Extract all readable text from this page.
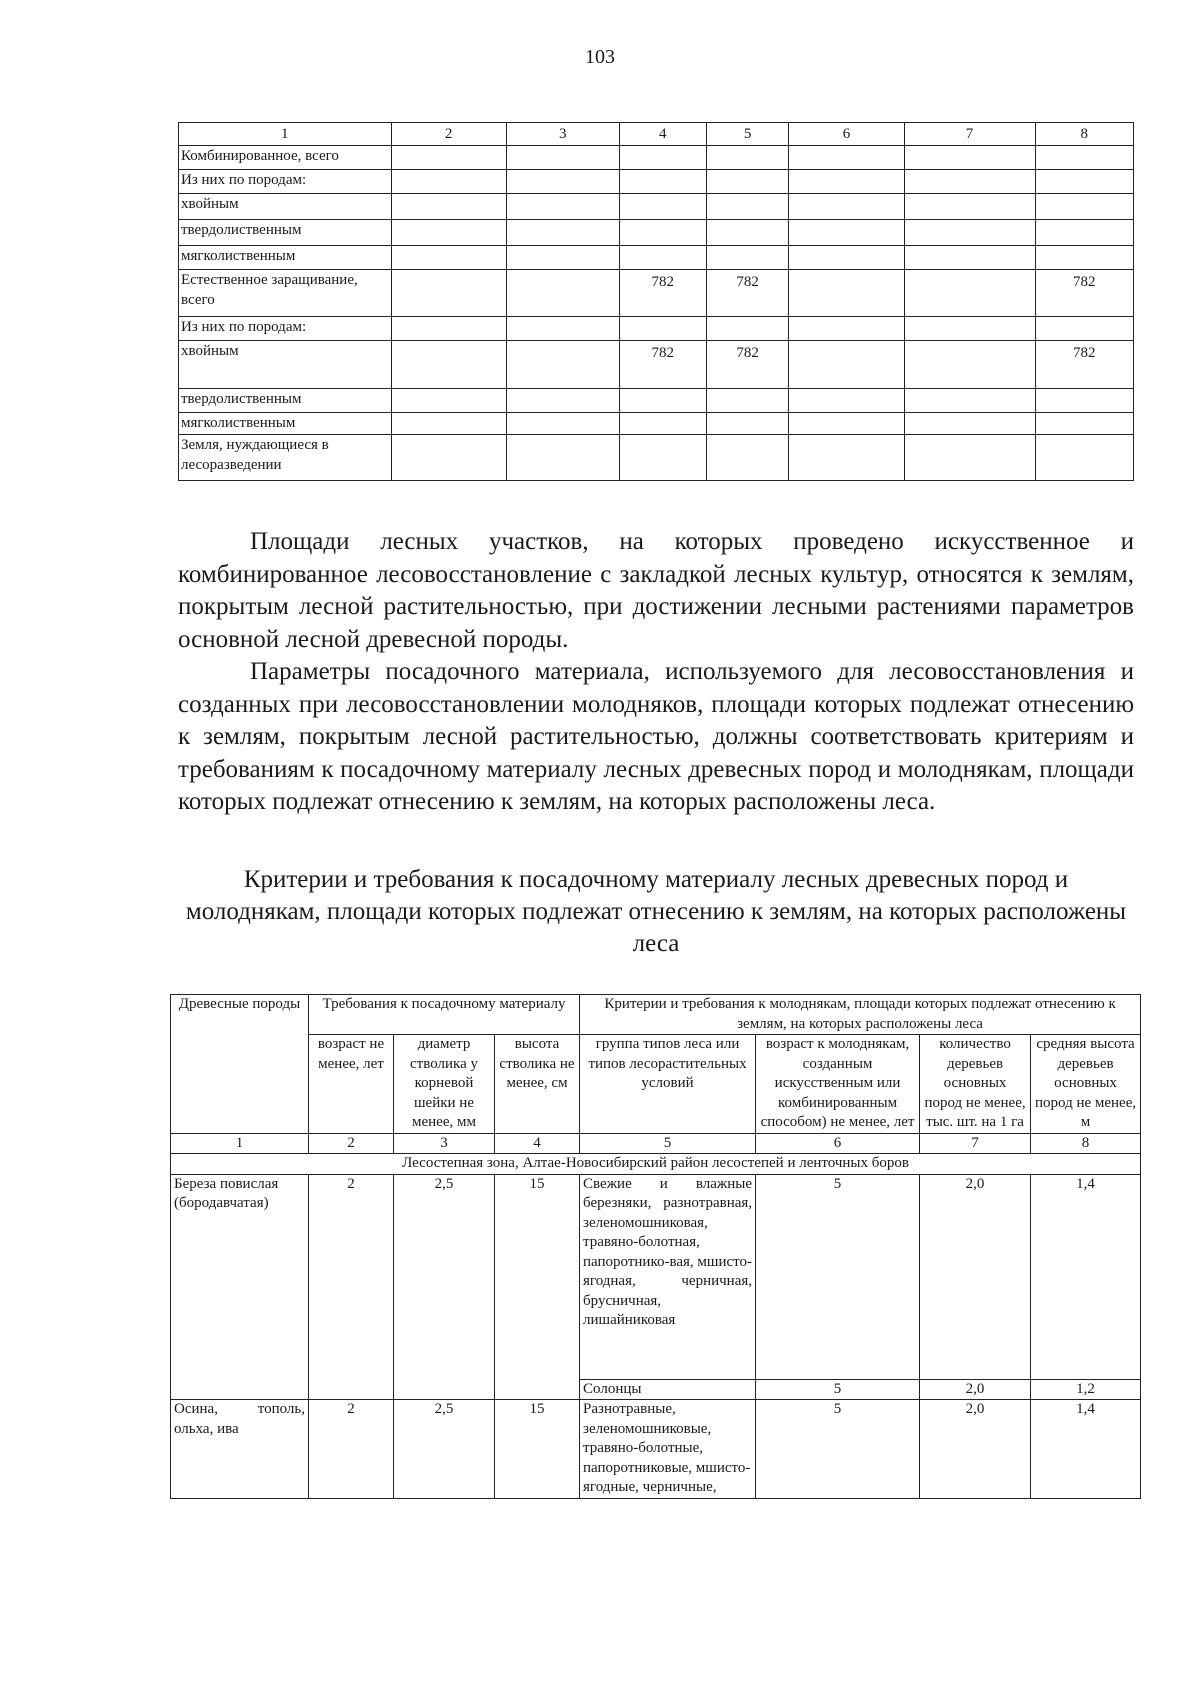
103
1	2	3	4	5	6	7	8
Комбинированное, всего							
Из них по породам:							
хвойным							
твердолиственным							
мягколиственным							
Естественное заращивание, всего			782	782			782
Из них по породам:							
хвойным			782	782			782
твердолиственным							
мягколиственным							
Земля, нуждающиеся в лесоразведении							

Площади лесных участков, на которых проведено искусственное и комбинированное лесовосстановление с закладкой лесных культур, относятся к землям, покрытым лесной растительностью, при достижении лесными растениями параметров основной лесной древесной породы.

Параметры посадочного материала, используемого для лесовосстановления и созданных при лесовосстановлении молодняков, площади которых подлежат отнесению к землям, покрытым лесной растительностью, должны соответствовать критериям и требованиям к посадочному материалу лесных древесных пород и молоднякам, площади которых подлежат отнесению к землям, на которых расположены леса.

Критерии и требования к посадочному материалу лесных древесных пород и молоднякам, площади которых подлежат отнесению к землям, на которых расположены леса
Древесные породы	Требования к посадочному материалу			Критерии и требования к молоднякам, площади которых подлежат отнесению к землям, на которых расположены леса			
	возраст не менее, лет	диаметр стволика у корневой шейки не менее, мм	высота стволика не менее, см	группа типов леса или типов лесорастительных условий	возраст к молоднякам, созданным искусственным или комбинированным способом) не менее, лет	количество деревьев основных пород не менее, тыс. шт. на 1 га	средняя высота деревьев основных пород не менее, м
1	2	3	4	5	6	7	8
Лесостепная зона, Алтае-Новосибирский район лесостепей и ленточных боров							
Береза повислая (бородавчатая)	2	2,5	15	Свежие и влажные березняки, разнотравная, зеленомошниковая, травяно-болотная, папоротнико-вая, мшисто-ягодная, черничная, брусничная, лишайниковая	5	2,0	1,4
				Солонцы	5	2,0	1,2
Осина, тополь, ольха, ива	2	2,5	15	Разнотравные, зеленомошниковые, травяно-болотные, папоротниковые, мшисто-ягодные, черничные,	5	2,0	1,4
